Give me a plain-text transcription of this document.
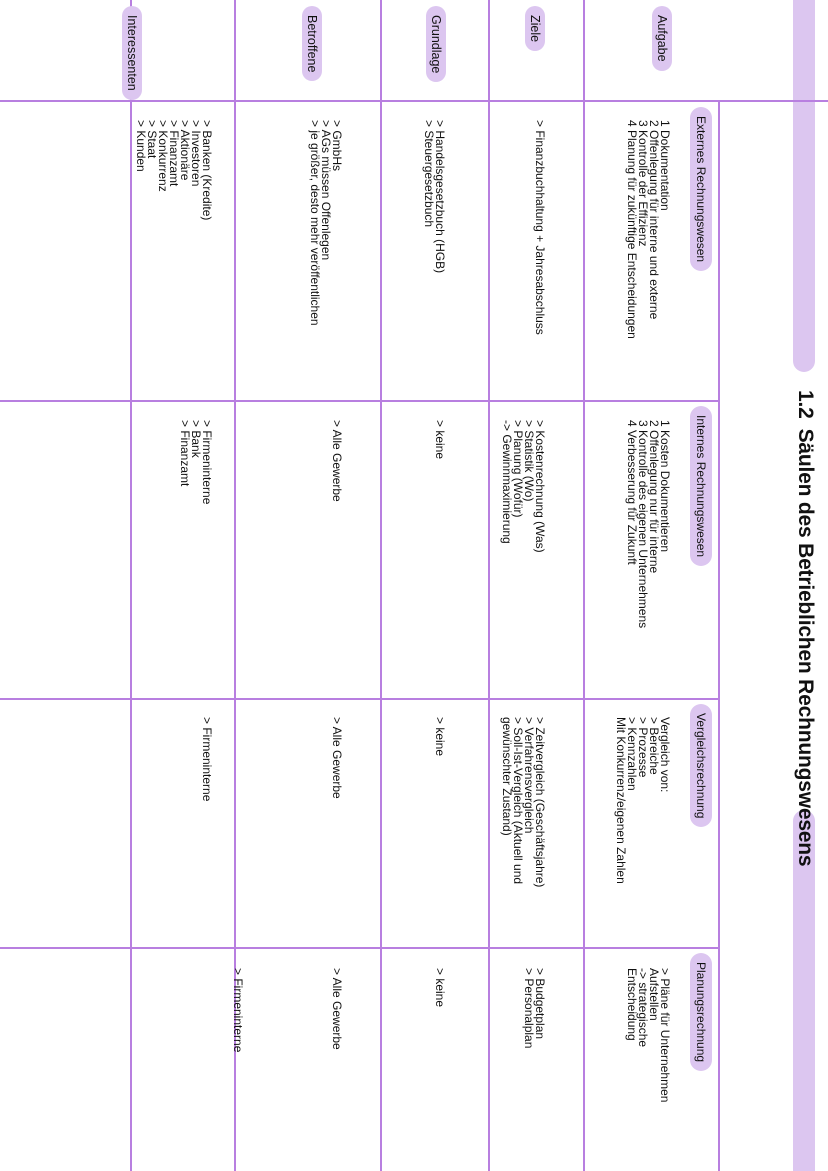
1.2Säulen des Betrieblichen Rechnungswesens
Externes Rechnungswesen
Internes Rechnungswesen
Vergleichsrechnung
Planungsrechnung
Aufgabe
Ziele
Grundlage
Betroffene
Interessenten
1 Dokumentation
2 Offenlegung für interne und externe
3 Kontrolle der Effizienz
4 Planung für zukünftige Entscheidungen
1 Kosten Dokumentieren
2 Offenlegung nur für interne
3 Kontrolle des eigenen Unternehmens
4 Verbesserung für Zukunft
Vergleich von:
> Bereiche
> Prozesse
> Kennzahlen
Mit Konkurrenz/eigenen Zahlen
> Pläne für Unternehmen
Aufstellen
-> strategische
Entscheidung
> Finanzbuchhaltung + Jahresabschluss
> Kostenrechnung (Was)
> Statistik (Wo)
> Planung (Wofür)
-> Gewinnmaximierung
> Zeitvergleich (Geschäftsjahre)
> Verfahrensvergleich
> Soll-Ist-Vergleich (Aktuell und
gewünschter Zustand)
> Budgetplan
> Personalplan
> Handelsgesetzbuch (HGB)
> Steuergesetzbuch
> keine
> keine
> keine
> GmbHs
> AGs müssen Offenlegen
> je größer, desto mehr veröffentlichen
> Alle Gewerbe
> Alle Gewerbe
> Alle Gewerbe
> Banken (Kredite)
> Investoren
> Aktionäre
> Finanzamt
> Konkurrenz
> Staat
> Kunden
> Firmeninterne
> Bank
> Finanzamt
> Firmeninterne
> Firmeninterne
